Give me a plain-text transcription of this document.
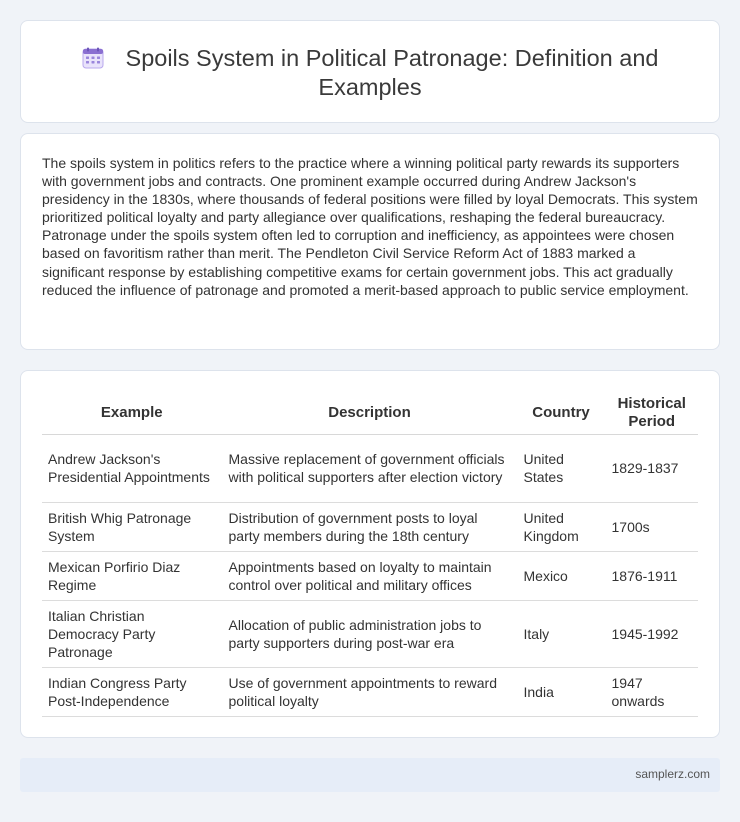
Spoils System in Political Patronage: Definition and Examples

The spoils system in politics refers to the practice where a winning political party rewards its supporters with government jobs and contracts. One prominent example occurred during Andrew Jackson's presidency in the 1830s, where thousands of federal positions were filled by loyal Democrats. This system prioritized political loyalty and party allegiance over qualifications, reshaping the federal bureaucracy. Patronage under the spoils system often led to corruption and inefficiency, as appointees were chosen based on favoritism rather than merit. The Pendleton Civil Service Reform Act of 1883 marked a significant response by establishing competitive exams for certain government jobs. This act gradually reduced the influence of patronage and promoted a merit-based approach to public service employment.

Example	Description	Country	Historical Period
Andrew Jackson's Presidential Appointments	Massive replacement of government officials with political supporters after election victory	United States	1829-1837
British Whig Patronage System	Distribution of government posts to loyal party members during the 18th century	United Kingdom	1700s
Mexican Porfirio Diaz Regime	Appointments based on loyalty to maintain control over political and military offices	Mexico	1876-1911
Italian Christian Democracy Party Patronage	Allocation of public administration jobs to party supporters during post-war era	Italy	1945-1992
Indian Congress Party Post-Independence	Use of government appointments to reward political loyalty	India	1947 onwards
samplerz.com
